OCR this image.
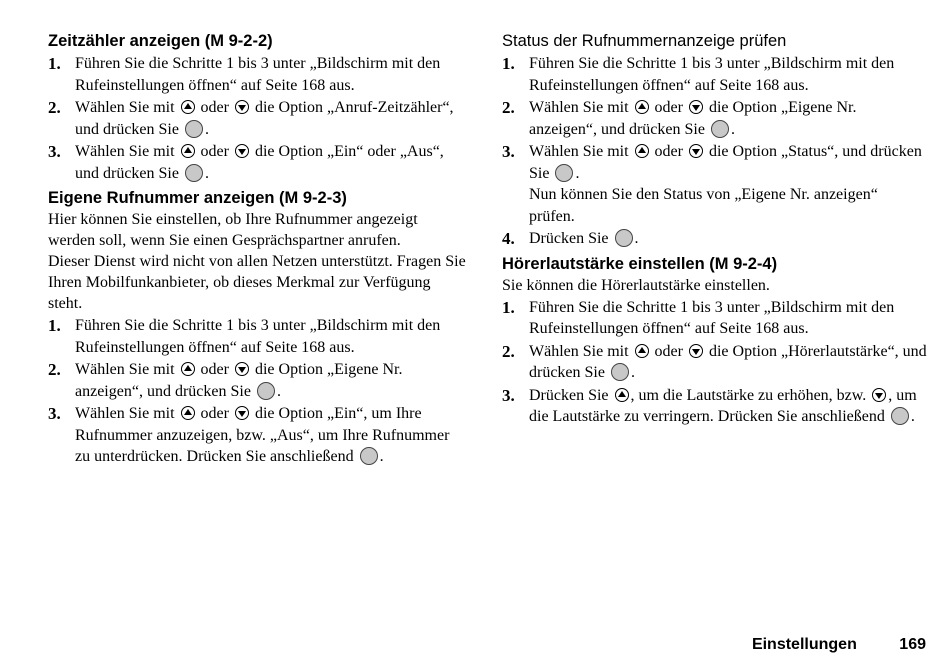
Zeitzähler anzeigen (M 9-2-2)

1. Führen Sie die Schritte 1 bis 3 unter „Bildschirm mit den Rufeinstellungen öffnen“ auf Seite 168 aus.
2. Wählen Sie mit oder die Option „Anruf-Zeitzähler“, und drücken Sie .
3. Wählen Sie mit oder die Option „Ein“ oder „Aus“, und drücken Sie .

Eigene Rufnummer anzeigen (M 9-2-3)

Hier können Sie einstellen, ob Ihre Rufnummer angezeigt werden soll, wenn Sie einen Gesprächspartner anrufen.

Dieser Dienst wird nicht von allen Netzen unterstützt. Fragen Sie Ihren Mobilfunkanbieter, ob dieses Merkmal zur Verfügung steht.

1. Führen Sie die Schritte 1 bis 3 unter „Bildschirm mit den Rufeinstellungen öffnen“ auf Seite 168 aus.
2. Wählen Sie mit oder die Option „Eigene Nr. anzeigen“, und drücken Sie .
3. Wählen Sie mit oder die Option „Ein“, um Ihre Rufnummer anzuzeigen, bzw. „Aus“, um Ihre Rufnummer zu unterdrücken. Drücken Sie anschließend .

Status der Rufnummernanzeige prüfen

1. Führen Sie die Schritte 1 bis 3 unter „Bildschirm mit den Rufeinstellungen öffnen“ auf Seite 168 aus.
2. Wählen Sie mit oder die Option „Eigene Nr. anzeigen“, und drücken Sie .
3. Wählen Sie mit oder die Option „Status“, und drücken Sie .
Nun können Sie den Status von „Eigene Nr. anzeigen“ prüfen.
4. Drücken Sie .

Hörerlautstärke einstellen (M 9-2-4)

Sie können die Hörerlautstärke einstellen.

1. Führen Sie die Schritte 1 bis 3 unter „Bildschirm mit den Rufeinstellungen öffnen“ auf Seite 168 aus.
2. Wählen Sie mit oder die Option „Hörerlautstärke“, und drücken Sie .
3. Drücken Sie , um die Lautstärke zu erhöhen, bzw. , um die Lautstärke zu verringern. Drücken Sie anschließend .
Einstellungen	169
